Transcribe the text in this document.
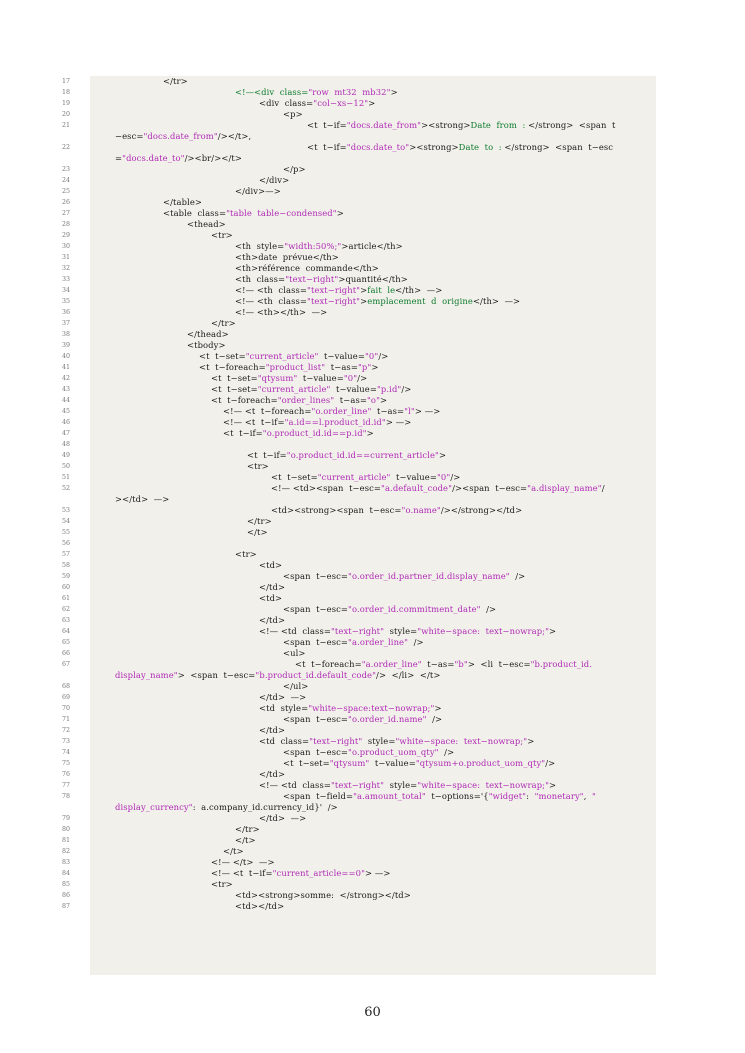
17	</tr>
18	<!—<div  class="row  mt32  mb32">
19	<div  class="col−xs−12">
20	<p>
21	<t  t−if="docs.date_from"><strong>Date  from  : </strong>  <span  t
−esc="docs.date_from"/></t>,
22	<t  t−if="docs.date_to"><strong>Date  to  : </strong>  <span  t−esc
="docs.date_to"/><br/></t>
23	</p>
24	</div>
25	</div>—>
26	</table>
27	<table  class="table  table−condensed">
28	<thead>
29	<tr>
30	<th  style="width:50%;">article</th>
31	<th>date  prévue</th>
32	<th>référence  commande</th>
33	<th  class="text−right">quantité</th>
34	<!— <th  class="text−right">fait  le</th>  —>
35	<!— <th  class="text−right">emplacement  d  origine</th>  —>
36	<!— <th></th>  —>
37	</tr>
38	</thead>
39	<tbody>
40	<t  t−set="current_article"  t−value="0"/>
41	<t  t−foreach="product_list"  t−as="p">
42	<t  t−set="qtysum"  t−value="0"/>
43	<t  t−set="current_article"  t−value="p.id"/>
44	<t  t−foreach="order_lines"  t−as="o">
45	<!— <t  t−foreach="o.order_line"  t−as="l"> —>
46	<!— <t  t−if="a.id==l.product_id.id"> —>
47	<t  t−if="o.product_id.id==p.id">
48
49	<t  t−if="o.product_id.id==current_article">
50	<tr>
51	<t  t−set="current_article"  t−value="0"/>
52	<!— <td><span  t−esc="a.default_code"/><span  t−esc="a.display_name"/
></td>  —>
53	<td><strong><span  t−esc="o.name"/></strong></td>
54	</tr>
55	</t>
56
57	<tr>
58	<td>
59	<span  t−esc="o.order_id.partner_id.display_name"  />
60	</td>
61	<td>
62	<span  t−esc="o.order_id.commitment_date"  />
63	</td>
64	<!— <td  class="text−right"  style="white−space:  text−nowrap;">
65	<span  t−esc="a.order_line"  />
66	<ul>
67	<t  t−foreach="a.order_line"  t−as="b">  <li  t−esc="b.product_id.
display_name">  <span  t−esc="b.product_id.default_code"/>  </li>  </t>
68	</ul>
69	</td>  —>
70	<td  style="white−space:text−nowrap;">
71	<span  t−esc="o.order_id.name"  />
72	</td>
73	<td  class="text−right"  style="white−space:  text−nowrap;">
74	<span  t−esc="o.product_uom_qty"  />
75	<t  t−set="qtysum"  t−value="qtysum+o.product_uom_qty"/>
76	</td>
77	<!— <td  class="text−right"  style="white−space:  text−nowrap;">
78	<span  t−field="a.amount_total"  t−options='{"widget":  "monetary",  "
display_currency":  a.company_id.currency_id}'  />
79	</td>  —>
80	</tr>
81	</t>
82	</t>
83	<!— </t>  —>
84	<!— <t  t−if="current_article==0"> —>
85	<tr>
86	<td><strong>somme:  </strong></td>
87	<td></td>
60
